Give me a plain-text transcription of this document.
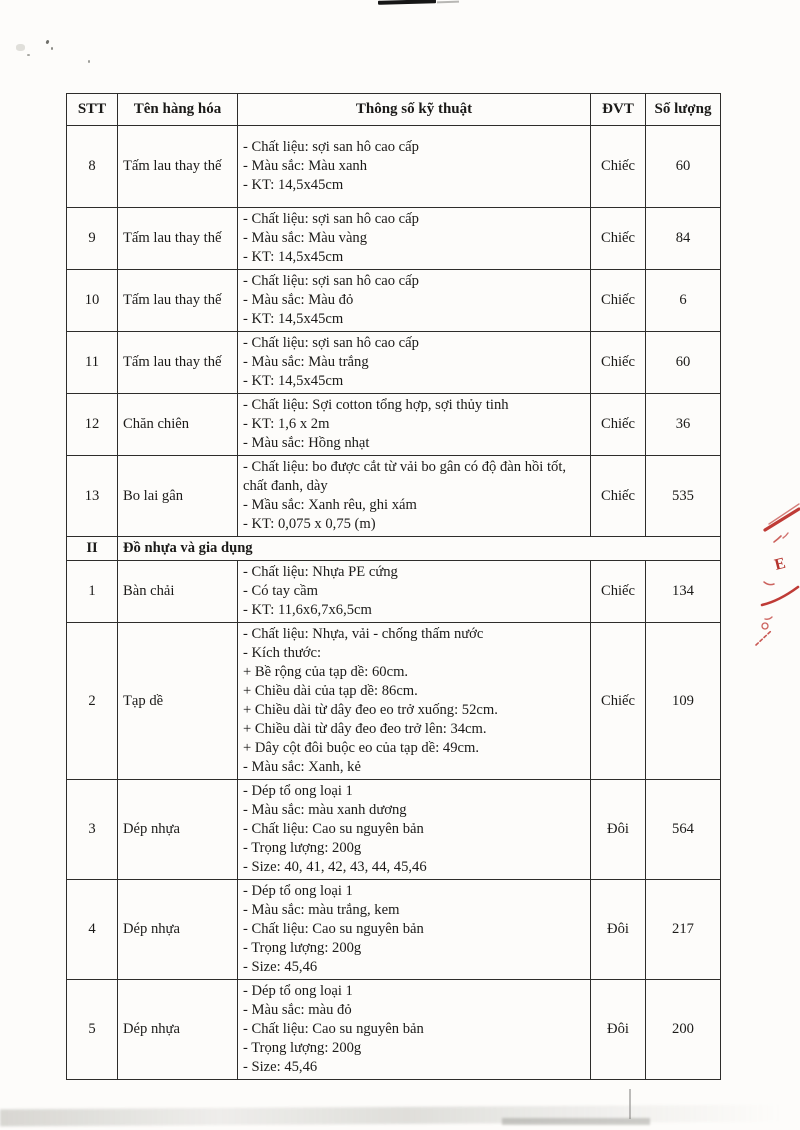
STT	Tên hàng hóa	Thông số kỹ thuật	ĐVT	Số lượng
8	Tấm lau thay thế	- Chất liệu: sợi san hô cao cấp
- Màu sắc: Màu xanh
- KT: 14,5x45cm	Chiếc	60
9	Tấm lau thay thế	- Chất liệu: sợi san hô cao cấp
- Màu sắc: Màu vàng
- KT: 14,5x45cm	Chiếc	84
10	Tấm lau thay thế	- Chất liệu: sợi san hô cao cấp
- Màu sắc: Màu đỏ
- KT: 14,5x45cm	Chiếc	6
11	Tấm lau thay thế	- Chất liệu: sợi san hô cao cấp
- Màu sắc: Màu trắng
- KT: 14,5x45cm	Chiếc	60
12	Chăn chiên	- Chất liệu: Sợi cotton tổng hợp, sợi thủy tinh
- KT: 1,6 x 2m
- Màu sắc: Hồng nhạt	Chiếc	36
13	Bo lai gân	- Chất liệu: bo được cắt từ vải bo gân có độ đàn hồi tốt, chất đanh, dày
- Mầu sắc: Xanh rêu, ghi xám
- KT: 0,075 x 0,75 (m)	Chiếc	535
II	Đồ nhựa và gia dụng			
1	Bàn chải	- Chất liệu: Nhựa PE cứng
- Có tay cầm
- KT: 11,6x6,7x6,5cm	Chiếc	134
2	Tạp dề	
- Chất liệu: Nhựa, vải - chống thấm nước
- Kích thước:
+ Bề rộng của tạp dề: 60cm.
+ Chiều dài của tạp dề: 86cm.
+ Chiều dài từ dây đeo eo trở xuống: 52cm.
+ Chiều dài từ dây đeo đeo trở lên: 34cm.
+ Dây cột đôi buộc eo của tạp dề: 49cm.
- Màu sắc: Xanh, kẻ
	Chiếc	109
3	Dép nhựa	- Dép tổ ong loại 1
- Màu sắc: màu xanh dương
- Chất liệu: Cao su nguyên bản
- Trọng lượng: 200g
- Size: 40, 41, 42, 43, 44, 45,46	Đôi	564
4	Dép nhựa	- Dép tổ ong loại 1
- Màu sắc: màu trắng, kem
- Chất liệu: Cao su nguyên bản
- Trọng lượng: 200g
- Size: 45,46	Đôi	217
5	Dép nhựa	- Dép tổ ong loại 1
- Màu sắc: màu đỏ
- Chất liệu: Cao su nguyên bản
- Trọng lượng: 200g
- Size: 45,46	Đôi	200
E
